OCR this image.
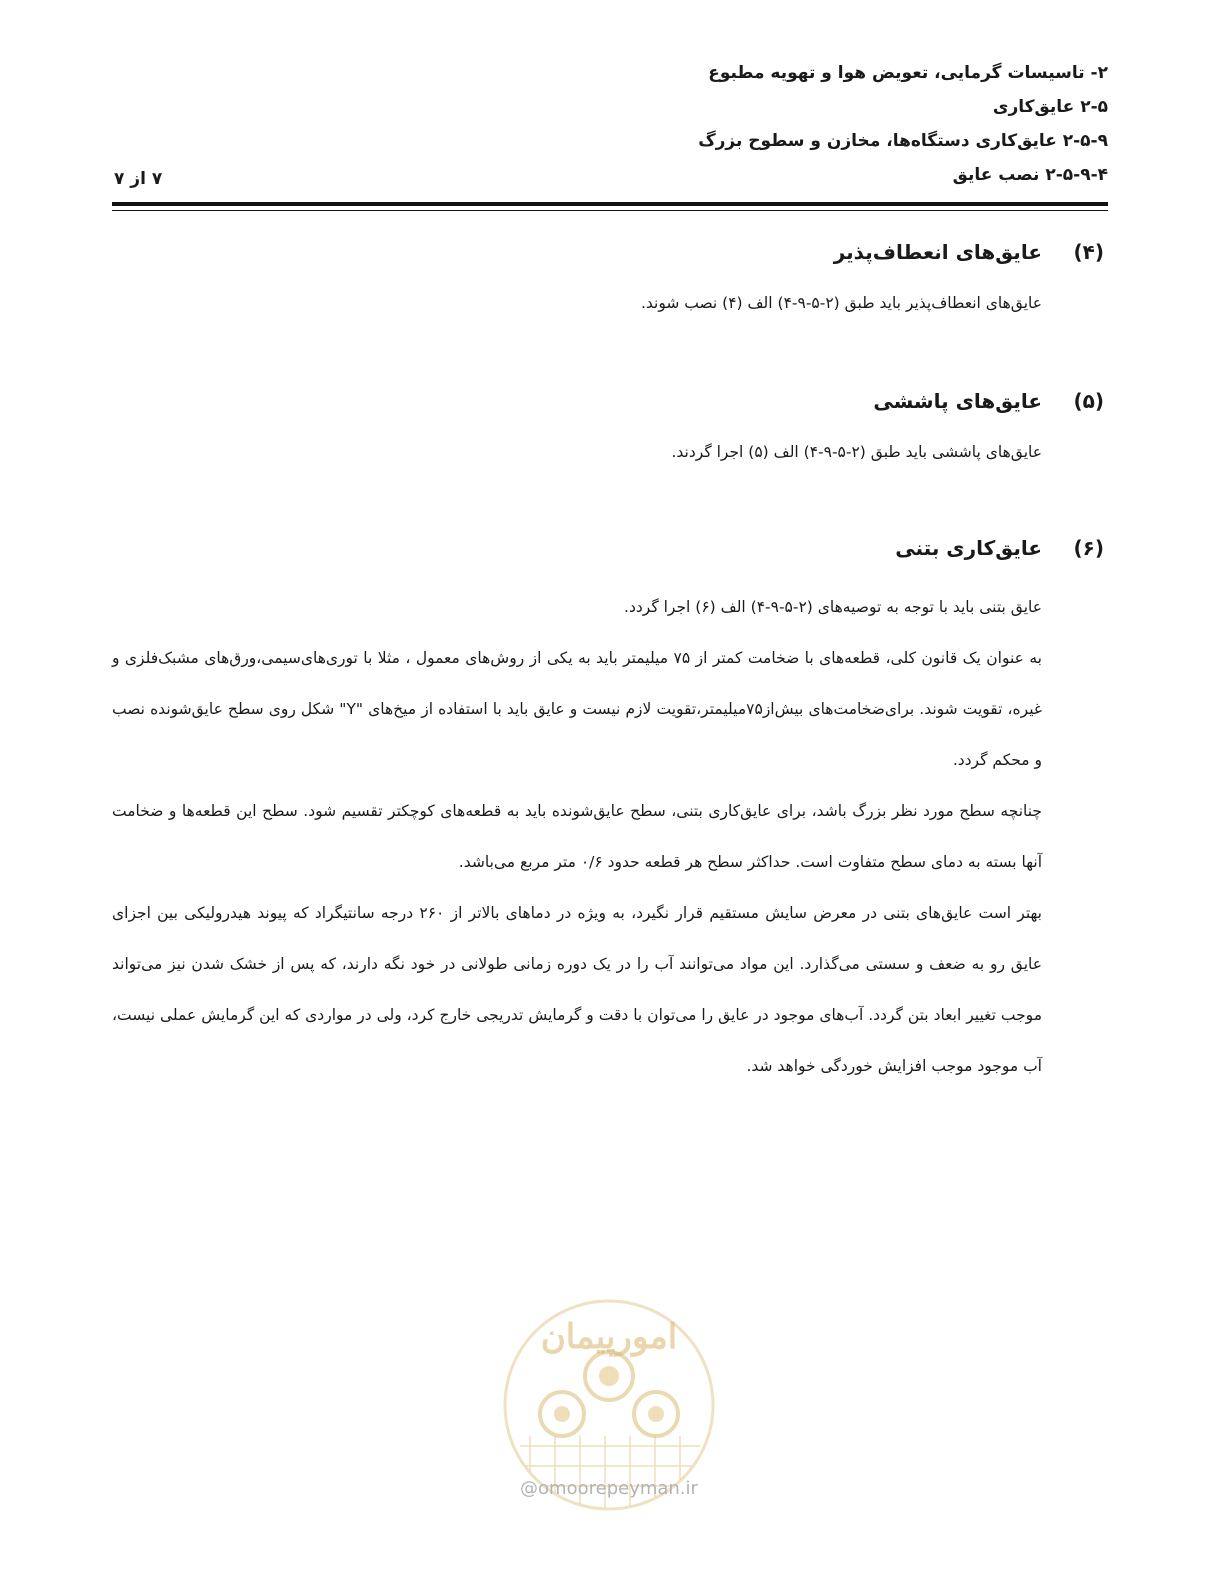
۲- تاسیسات گرمایی، تعویض هوا و تهویه مطبوع
۲-۵ عایق‌کاری
۲-۵-۹ عایق‌کاری دستگاه‌ها، مخازن و سطوح بزرگ
۲-۵-۹-۴ نصب عایق
۷ از ۷
(۴)
عایق‌های انعطاف‌پذیر
عایق‌های انعطاف‌پذیر باید طبق (۲-۵-۹-۴) الف (۴) نصب شوند.
(۵)
عایق‌های پاششی
عایق‌های پاششی باید طبق (۲-۵-۹-۴) الف (۵) اجرا گردند.
(۶)
عایق‌کاری بتنی
عایق بتنی باید با توجه به توصیه‌های (۲-۵-۹-۴) الف (۶) اجرا گردد.
به عنوان یک قانون کلی، قطعه‌های با ضخامت کمتر از ۷۵ میلیمتر باید به یکی از روش‌های معمول ، مثلا با توری‌های‌سیمی،ورق‌های مشبک‌فلزی و غیره، تقویت شوند. برای‌ضخامت‌های بیش‌از۷۵میلیمتر،تقویت لازم نیست و عایق باید با استفاده از میخ‌های "Y" شکل روی سطح عایق‌شونده نصب و محکم گردد.
چنانچه سطح مورد نظر بزرگ باشد، برای عایق‌کاری بتنی، سطح عایق‌شونده باید به قطعه‌های کوچکتر تقسیم شود. سطح این قطعه‌ها و ضخامت آنها بسته به دمای سطح متفاوت است. حداکثر سطح هر قطعه حدود ۰/۶ متر مربع می‌باشد.
بهتر است عایق‌های بتنی در معرض سایش مستقیم قرار نگیرد، به ویژه در دماهای بالاتر از ۲۶۰ درجه سانتیگراد که پیوند هیدرولیکی بین اجزای عایق رو به ضعف و سستی می‌گذارد. این مواد می‌توانند آب را در یک دوره زمانی طولانی در خود نگه دارند، که پس از خشک شدن نیز می‌تواند موجب تغییر ابعاد بتن گردد. آب‌های موجود در عایق را می‌توان با دقت و گرمایش تدریجی خارج کرد، ولی در مواردی که این گرمایش عملی نیست، آب موجود موجب افزایش خوردگی خواهد شد.
امورپیمان
@omoorepeyman.ir
